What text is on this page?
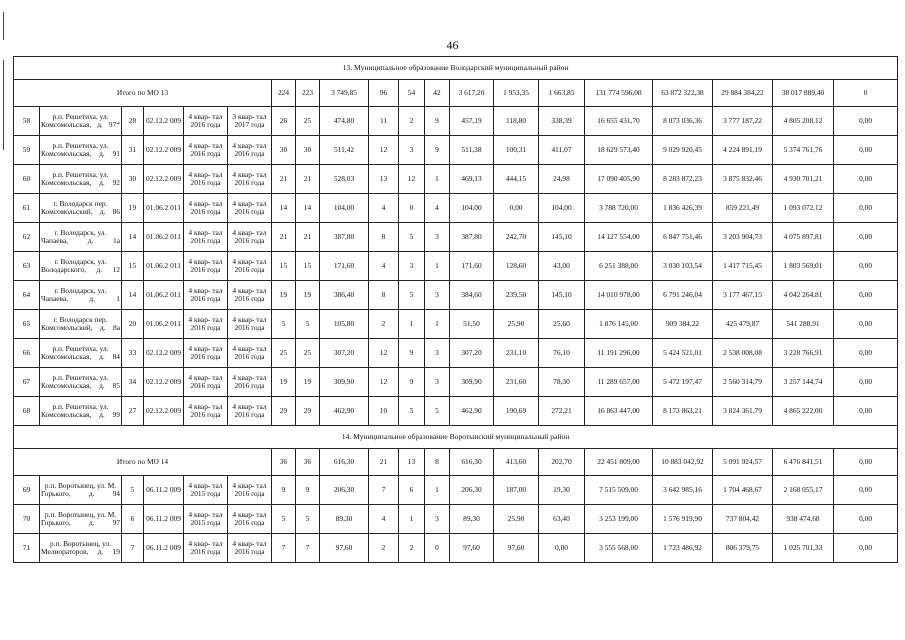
46
13. Муниципальное образование Володарский муниципальный район																			
Итого по МО 13						224	223	3 749,85	96	54	42	3 617,20	1 953,35	1 663,85	131 774 596,00	63 872 322,38	29 884 384,22	38 017 889,40	0
58	р.п. Решетиха, ул. Комсомольская, д. 97*	28	02.12.2 009	4 квар- тал 2016 года	3 квар- тал 2017 года	26	25	474,80	11	2	9	457,19	118,80	338,39	16 655 431,70	8 073 036,36	3 777 187,22	4 805 208,12	0,00
59	р.п. Решетиха, ул. Комсомольская, д. 91	31	02.12.2 009	4 квар- тал 2016 года	4 квар- тал 2016 года	30	30	511,42	12	3	9	511,38	100,31	411,07	18 629 573,40	9 029 920,45	4 224 891,19	5 374 761,76	0,00
60	р.п. Решетиха, ул. Комсомольская, д. 92	30	02.12.2 009	4 квар- тал 2016 года	4 квар- тал 2016 года	21	21	528,03	13	12	1	469,13	444,15	24,98	17 090 405,90	8 283 872,23	3 875 832,46	4 930 701,21	0,00
61	г. Володарск пер. Комсомольский, д. 86	19	01.06.2 011	4 квар- тал 2016 года	4 квар- тал 2016 года	14	14	104,00	4	0	4	104,00	0,00	104,00	3 788 720,00	1 836 426,39	859 221,49	1 093 072,12	0,00
62	г. Володарск, ул. Чапаева, д. 1а	14	01.06.2 011	4 квар- тал 2016 года	4 квар- тал 2016 года	21	21	387,80	8	5	3	387,80	242,70	145,10	14 127 554,00	6 847 751,46	3 203 904,73	4 075 897,81	0,00
63	г. Володарск, ул. Володарского, д. 12	15	01.06.2 011	4 квар- тал 2016 года	4 квар- тал 2016 года	15	15	171,60	4	3	1	171,60	128,60	43,00	6 251 388,00	3 030 103,54	1 417 715,45	1 803 569,01	0,00
64	г. Володарск, ул. Чапаева, д. 1	14	01.06.2 011	4 квар- тал 2016 года	4 квар- тал 2016 года	19	19	386,40	8	5	3	384,60	239,50	145,10	14 010 978,00	6 791 246,04	3 177 467,15	4 042 264,81	0,00
65	г. Володарск пер. Комсомольский, д. 8а	20	01.06.2 011	4 квар- тал 2016 года	4 квар- тал 2016 года	5	5	105,80	2	1	1	51,50	25,90	25,60	1 876 145,00	909 384,22	425 479,87	541 280,91	0,00
66	р.п. Решетиха, ул. Комсомольская, д. 84	33	02.12.2 009	4 квар- тал 2016 года	4 квар- тал 2016 года	25	25	307,20	12	9	3	307,20	231,10	76,10	11 191 296,00	5 424 521,01	2 538 008,08	3 228 766,91	0,00
67	р.п. Решетиха, ул. Комсомольская, д. 85	34	02.12.2 009	4 квар- тал 2016 года	4 квар- тал 2016 года	19	19	309,90	12	9	3	309,90	231,60	78,30	11 289 657,00	5 472 197,47	2 560 314,79	3 257 144,74	0,00
68	р.п. Решетиха, ул. Комсомольская, д. 99	27	02.12.2 009	4 квар- тал 2016 года	4 квар- тал 2016 года	29	29	462,90	10	5	5	462,90	190,69	272,21	16 863 447,00	8 173 863,21	3 824 361,79	4 865 222,00	0,00
14. Муниципальное образование Воротынский муниципальный район																			
Итого по МО 14						36	36	616,30	21	13	8	616,30	413,60	202,70	22 451 809,00	10 883 042,92	5 091 924,57	6 476 841,51	0,00
69	р.п. Воротынец, ул. М. Горького, д. 94	5	06.11.2 009	4 квар- тал 2015 года	4 квар- тал 2016 года	9	9	206,30	7	6	1	206,30	187,00	19,30	7 515 509,00	3 642 985,16	1 704 468,67	2 168 055,17	0,00
70	р.п. Воротынец, ул. М. Горького, д. 97	6	06.11.2 009	4 квар- тал 2015 года	4 квар- тал 2016 года	5	5	89,30	4	1	3	89,30	25,90	63,40	3 253 199,00	1 576 919,90	737 804,42	938 474,68	0,00
71	р.п. Воротынец, ул. Мелиораторов, д. 19	7	06.11.2 009	4 квар- тал 2016 года	4 квар- тал 2016 года	7	7	97,60	2	2	0	97,60	97,60	0,00	3 555 568,00	1 723 486,92	806 379,75	1 025 701,33	0,00
